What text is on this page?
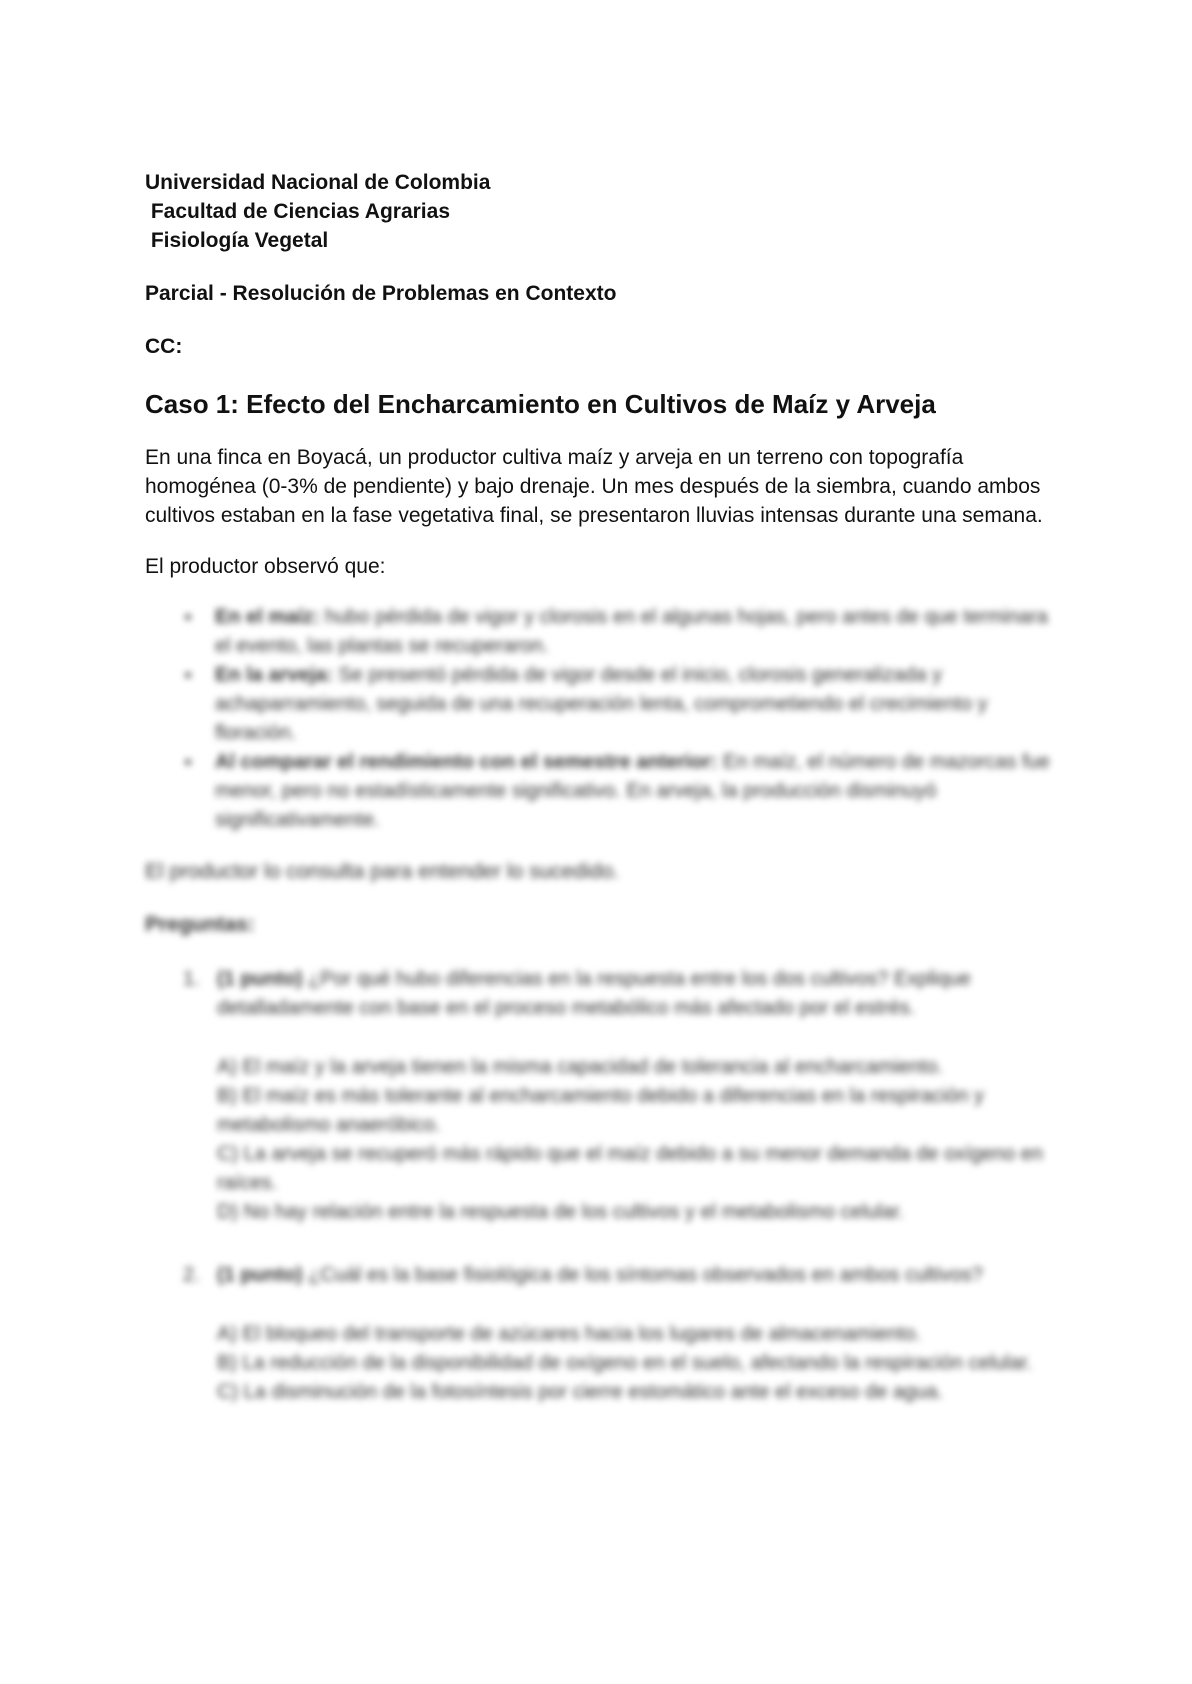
Universidad Nacional de Colombia
Facultad de Ciencias Agrarias
Fisiología Vegetal
Parcial - Resolución de Problemas en Contexto
CC:
Caso 1: Efecto del Encharcamiento en Cultivos de Maíz y Arveja

En una finca en Boyacá, un productor cultiva maíz y arveja en un terreno con topografía homogénea (0-3% de pendiente) y bajo drenaje. Un mes después de la siembra, cuando ambos cultivos estaban en la fase vegetativa final, se presentaron lluvias intensas durante una semana.

El productor observó que:

■ En el maíz: hubo pérdida de vigor y clorosis en el algunas hojas, pero antes de que terminara el evento, las plantas se recuperaron.
■ En la arveja: Se presentó pérdida de vigor desde el inicio, clorosis generalizada y achaparramiento, seguida de una recuperación lenta, comprometiendo el crecimiento y floración.
■ Al comparar el rendimiento con el semestre anterior: En maíz, el número de mazorcas fue menor, pero no estadísticamente significativo. En arveja, la producción disminuyó significativamente.

El productor lo consulta para entender lo sucedido.

Preguntas:
1. (1 punto) ¿Por qué hubo diferencias en la respuesta entre los dos cultivos? Explique detalladamente con base en el proceso metabólico más afectado por el estrés.
A) El maíz y la arveja tienen la misma capacidad de tolerancia al encharcamiento.
B) El maíz es más tolerante al encharcamiento debido a diferencias en la respiración y metabolismo anaeróbico.
C) La arveja se recuperó más rápido que el maíz debido a su menor demanda de oxígeno en raíces.
D) No hay relación entre la respuesta de los cultivos y el metabolismo celular.
2. (1 punto) ¿Cuál es la base fisiológica de los síntomas observados en ambos cultivos?
A) El bloqueo del transporte de azúcares hacia los lugares de almacenamiento.
B) La reducción de la disponibilidad de oxígeno en el suelo, afectando la respiración celular.
C) La disminución de la fotosíntesis por cierre estomático ante el exceso de agua.
